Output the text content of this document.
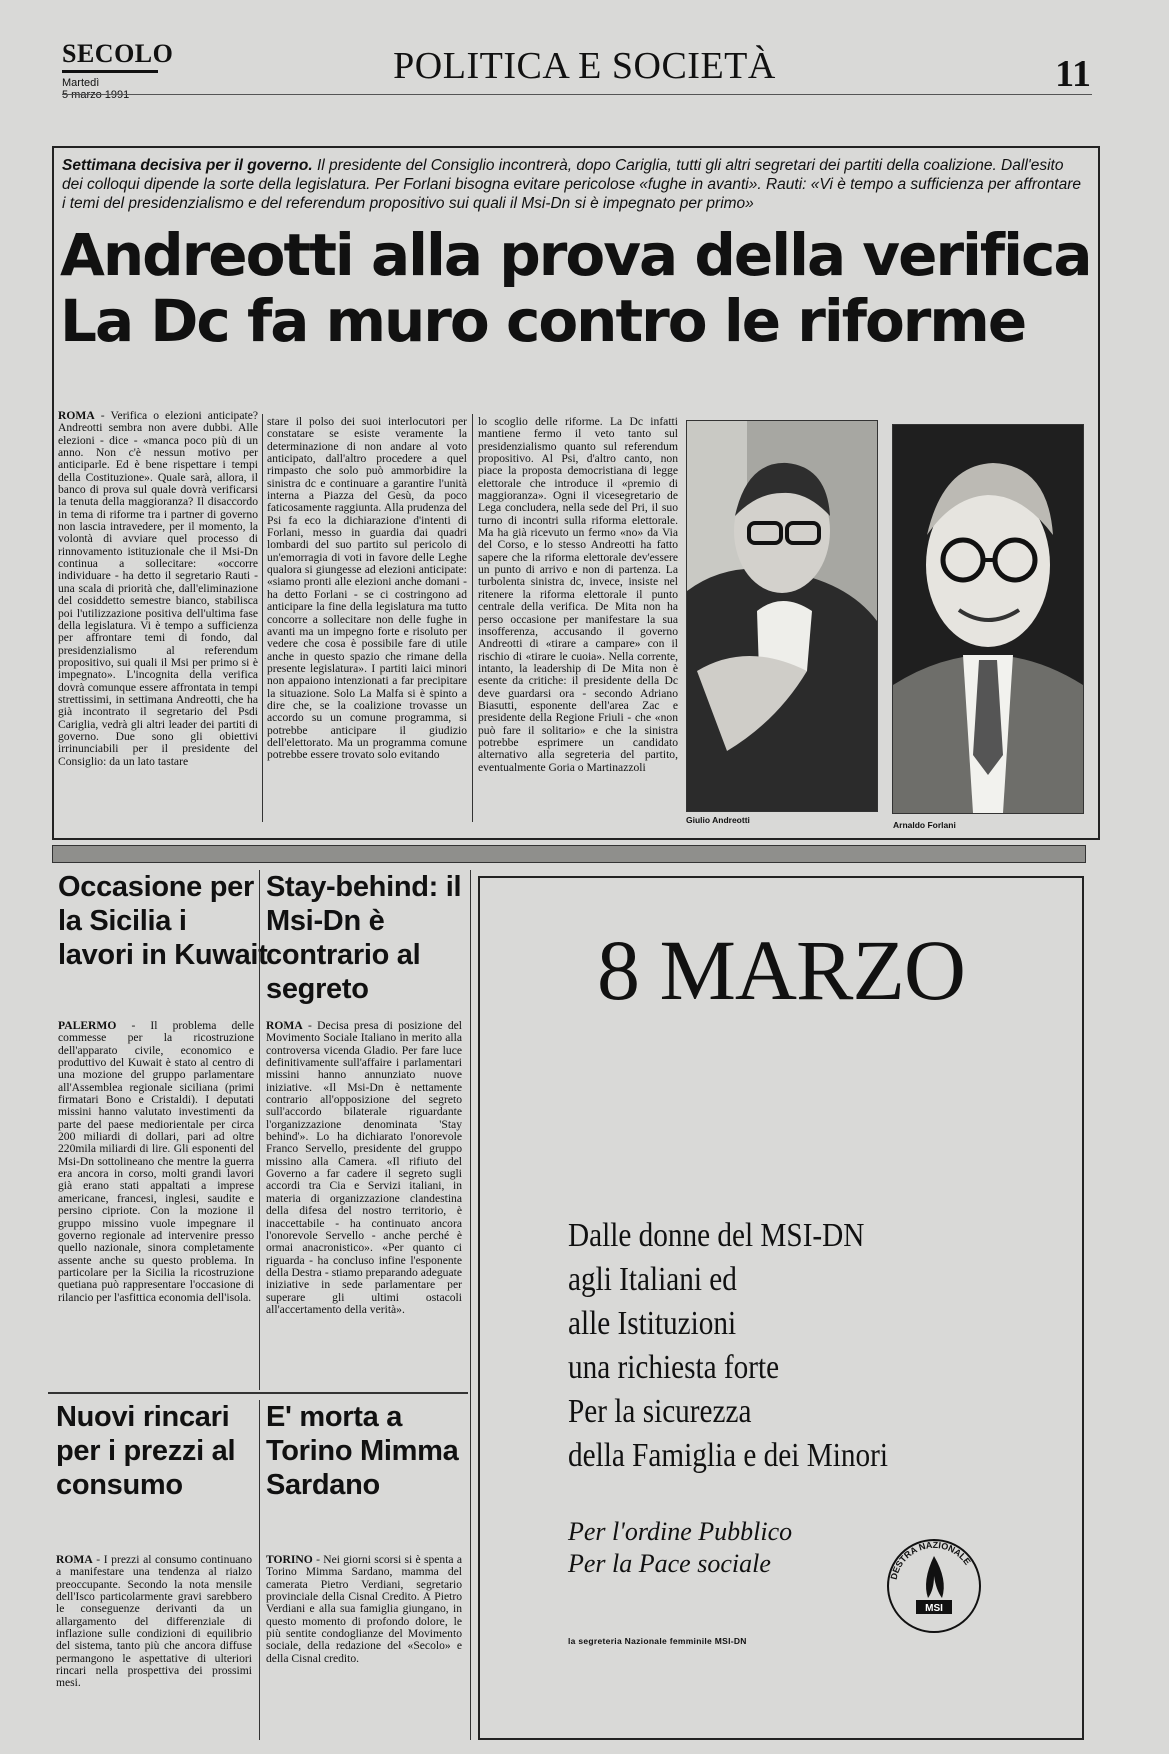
SECOLO
Martedì
5 marzo 1991
POLITICA E SOCIETÀ	11
Settimana decisiva per il governo. Il presidente del Consiglio incontrerà, dopo Cariglia, tutti gli altri segretari dei partiti della coalizione. Dall'esito dei colloqui dipende la sorte della legislatura. Per Forlani bisogna evitare pericolose «fughe in avanti». Rauti: «Vi è tempo a sufficienza per affrontare i temi del presidenzialismo e del referendum propositivo sui quali il Msi-Dn si è impegnato per primo»
Andreotti alla prova della verifica
La Dc fa muro contro le riforme
ROMA - Verifica o elezioni anticipate? Andreotti sembra non avere dubbi. Alle elezioni - dice - «manca poco più di un anno. Non c'è nessun motivo per anticiparle. Ed è bene rispettare i tempi della Costituzione». Quale sarà, allora, il banco di prova sul quale dovrà verificarsi la tenuta della maggioranza? Il disaccordo in tema di riforme tra i partner di governo non lascia intravedere, per il momento, la volontà di avviare quel processo di rinnovamento istituzionale che il Msi-Dn continua a sollecitare: «occorre individuare - ha detto il segretario Rauti - una scala di priorità che, dall'eliminazione del cosiddetto semestre bianco, stabilisca poi l'utilizzazione positiva dell'ultima fase della legislatura. Vi è tempo a sufficienza per affrontare temi di fondo, dal presidenzialismo al referendum propositivo, sui quali il Msi per primo si è impegnato». L'incognita della verifica dovrà comunque essere affrontata in tempi strettissimi, in settimana Andreotti, che ha già incontrato il segretario del Psdi Cariglia, vedrà gli altri leader dei partiti di governo. Due sono gli obiettivi irrinunciabili per il presidente del Consiglio: da un lato tastare
stare il polso dei suoi interlocutori per constatare se esiste veramente la determinazione di non andare al voto anticipato, dall'altro procedere a quel rimpasto che solo può ammorbidire la sinistra dc e continuare a garantire l'unità interna a Piazza del Gesù, da poco faticosamente raggiunta. Alla prudenza del Psi fa eco la dichiarazione d'intenti di Forlani, messo in guardia dai quadri lombardi del suo partito sul pericolo di un'emorragia di voti in favore delle Leghe qualora si giungesse ad elezioni anticipate: «siamo pronti alle elezioni anche domani - ha detto Forlani - se ci costringono ad anticipare la fine della legislatura ma tutto concorre a sollecitare non delle fughe in avanti ma un impegno forte e risoluto per vedere che cosa è possibile fare di utile anche in questo spazio che rimane della presente legislatura». I partiti laici minori non appaiono intenzionati a far precipitare la situazione. Solo La Malfa si è spinto a dire che, se la coalizione trovasse un accordo su un comune programma, si potrebbe anticipare il giudizio dell'elettorato. Ma un programma comune potrebbe essere trovato solo evitando
lo scoglio delle riforme. La Dc infatti mantiene fermo il veto tanto sul presidenzialismo quanto sul referendum propositivo. Al Psi, d'altro canto, non piace la proposta democristiana di legge elettorale che introduce il «premio di maggioranza». Ogni il vicesegretario de Lega concludera, nella sede del Pri, il suo turno di incontri sulla riforma elettorale. Ma ha già ricevuto un fermo «no» da Via del Corso, e lo stesso Andreotti ha fatto sapere che la riforma elettorale dev'essere un punto di arrivo e non di partenza. La turbolenta sinistra dc, invece, insiste nel ritenere la riforma elettorale il punto centrale della verifica. De Mita non ha perso occasione per manifestare la sua insofferenza, accusando il governo Andreotti di «tirare a campare» con il rischio di «tirare le cuoia». Nella corrente, intanto, la leadership di De Mita non è esente da critiche: il presidente della Dc deve guardarsi ora - secondo Adriano Biasutti, esponente dell'area Zac e presidente della Regione Friuli - che «non può fare il solitario» e che la sinistra potrebbe esprimere un candidato alternativo alla segreteria del partito, eventualmente Goria o Martinazzoli
Giulio Andreotti	Arnaldo Forlani
Occasione per la Sicilia i lavori in Kuwait
PALERMO - Il problema delle commesse per la ricostruzione dell'apparato civile, economico e produttivo del Kuwait è stato al centro di una mozione del gruppo parlamentare all'Assemblea regionale siciliana (primi firmatari Bono e Cristaldi). I deputati missini hanno valutato investimenti da parte del paese mediorientale per circa 200 miliardi di dollari, pari ad oltre 220mila miliardi di lire. Gli esponenti del Msi-Dn sottolineano che mentre la guerra era ancora in corso, molti grandi lavori già erano stati appaltati a imprese americane, francesi, inglesi, saudite e persino cipriote. Con la mozione il gruppo missino vuole impegnare il governo regionale ad intervenire presso quello nazionale, sinora completamente assente anche su questo problema. In particolare per la Sicilia la ricostruzione quetiana può rappresentare l'occasione di rilancio per l'asfittica economia dell'isola.
Stay-behind: il Msi-Dn è contrario al segreto
ROMA - Decisa presa di posizione del Movimento Sociale Italiano in merito alla controversa vicenda Gladio. Per fare luce definitivamente sull'affaire i parlamentari missini hanno annunziato nuove iniziative. «Il Msi-Dn è nettamente contrario all'opposizione del segreto sull'accordo bilaterale riguardante l'organizzazione denominata 'Stay behind'». Lo ha dichiarato l'onorevole Franco Servello, presidente del gruppo missino alla Camera. «Il rifiuto del Governo a far cadere il segreto sugli accordi tra Cia e Servizi italiani, in materia di organizzazione clandestina della difesa del nostro territorio, è inaccettabile - ha continuato ancora l'onorevole Servello - anche perché è ormai anacronistico». «Per quanto ci riguarda - ha concluso infine l'esponente della Destra - stiamo preparando adeguate iniziative in sede parlamentare per superare gli ultimi ostacoli all'accertamento della verità».
Nuovi rincari per i prezzi al consumo
ROMA - I prezzi al consumo continuano a manifestare una tendenza al rialzo preoccupante. Secondo la nota mensile dell'Isco particolarmente gravi sarebbero le conseguenze derivanti da un allargamento del differenziale di inflazione sulle condizioni di equilibrio del sistema, tanto più che ancora diffuse permangono le aspettative di ulteriori rincari nella prospettiva dei prossimi mesi.
E' morta a Torino Mimma Sardano
TORINO - Nei giorni scorsi si è spenta a Torino Mimma Sardano, mamma del camerata Pietro Verdiani, segretario provinciale della Cisnal Credito. A Pietro Verdiani e alla sua famiglia giungano, in questo momento di profondo dolore, le più sentite condoglianze del Movimento sociale, della redazione del «Secolo» e della Cisnal credito.
8 MARZO
Dalle donne del MSI-DN
agli Italiani ed
alle Istituzioni
una richiesta forte
Per la sicurezza
della Famiglia e dei Minori
Per l'ordine Pubblico
Per la Pace sociale	DESTRA NAZIONALE
MSI
la segreteria Nazionale femminile MSI-DN
